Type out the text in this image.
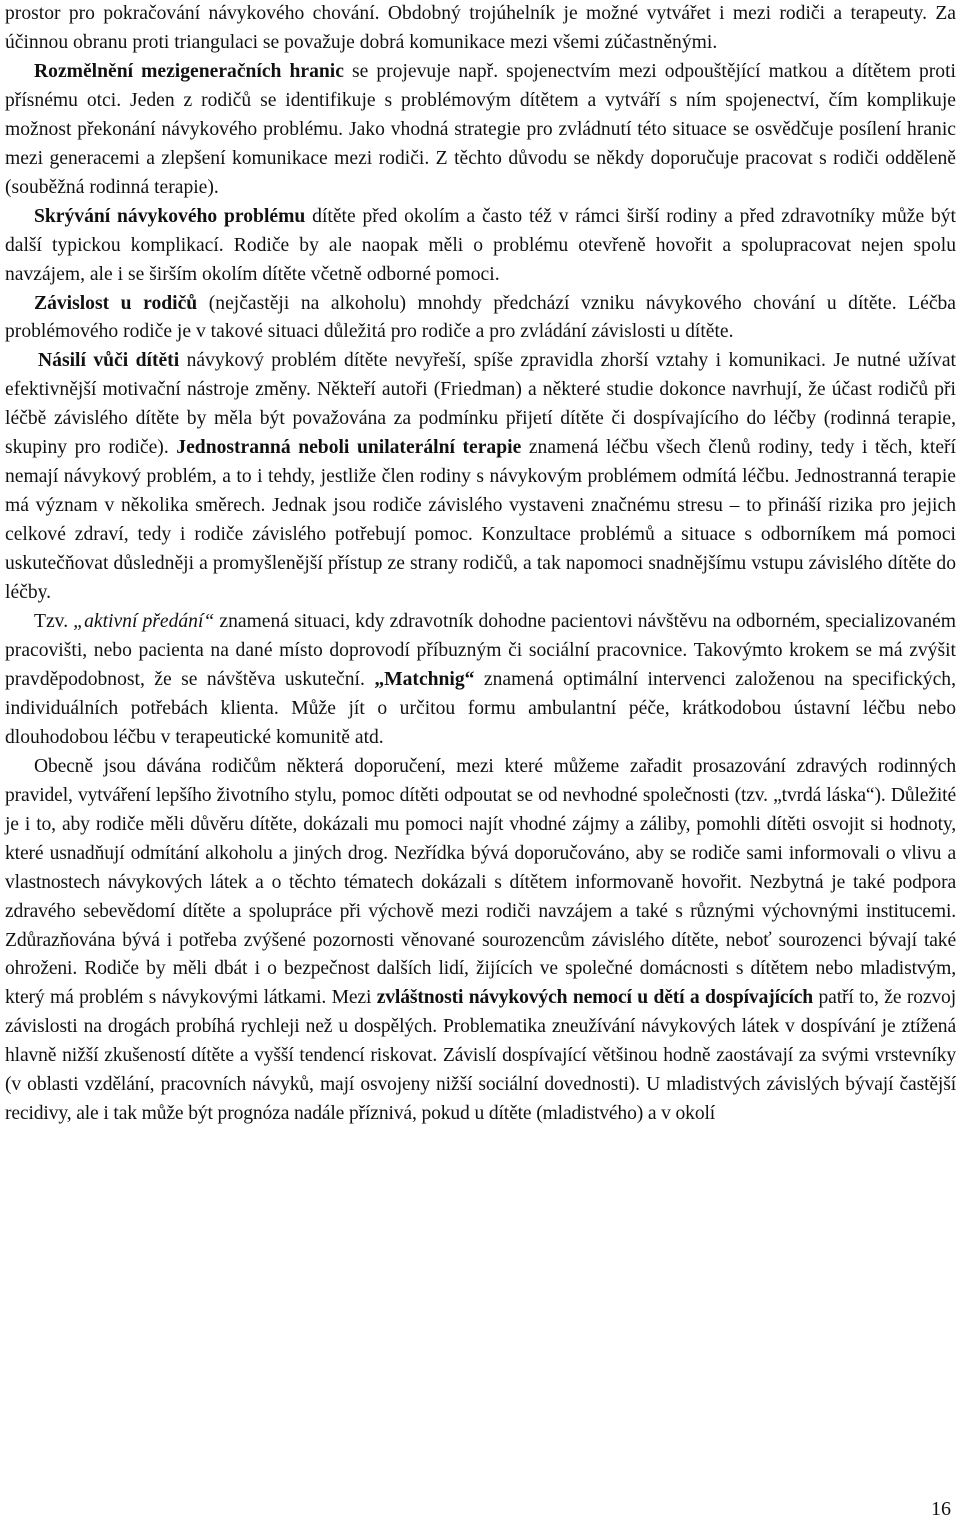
prostor pro pokračování návykového chování. Obdobný trojúhelník je možné vytvářet i mezi rodiči a terapeuty. Za účinnou obranu proti triangulaci se považuje dobrá komunikace mezi všemi zúčastněnými.

Rozmělnění mezigeneračních hranic se projevuje např. spojenectvím mezi odpouštějící matkou a dítětem proti přísnému otci. Jeden z rodičů se identifikuje s problémovým dítětem a vytváří s ním spojenectví, čím komplikuje možnost překonání návykového problému. Jako vhodná strategie pro zvládnutí této situace se osvědčuje posílení hranic mezi generacemi a zlepšení komunikace mezi rodiči. Z těchto důvodu se někdy doporučuje pracovat s rodiči odděleně (souběžná rodinná terapie).

Skrývání návykového problému dítěte před okolím a často též v rámci širší rodiny a před zdravotníky může být další typickou komplikací. Rodiče by ale naopak měli o problému otevřeně hovořit a spolupracovat nejen spolu navzájem, ale i se širším okolím dítěte včetně odborné pomoci.

Závislost u rodičů (nejčastěji na alkoholu) mnohdy předchází vzniku návykového chování u dítěte. Léčba problémového rodiče je v takové situaci důležitá pro rodiče a pro zvládání závislosti u dítěte.

Násilí vůči dítěti návykový problém dítěte nevyřeší, spíše zpravidla zhorší vztahy i komunikaci. Je nutné užívat efektivnější motivační nástroje změny. Někteří autoři (Friedman) a některé studie dokonce navrhují, že účast rodičů při léčbě závislého dítěte by měla být považována za podmínku přijetí dítěte či dospívajícího do léčby (rodinná terapie, skupiny pro rodiče). Jednostranná neboli unilaterální terapie znamená léčbu všech členů rodiny, tedy i těch, kteří nemají návykový problém, a to i tehdy, jestliže člen rodiny s návykovým problémem odmítá léčbu. Jednostranná terapie má význam v několika směrech. Jednak jsou rodiče závislého vystaveni značnému stresu – to přináší rizika pro jejich celkové zdraví, tedy i rodiče závislého potřebují pomoc. Konzultace problémů a situace s odborníkem má pomoci uskutečňovat důsledněji a promyšlenější přístup ze strany rodičů, a tak napomoci snadnějšímu vstupu závislého dítěte do léčby.

Tzv. „aktivní předání“ znamená situaci, kdy zdravotník dohodne pacientovi návštěvu na odborném, specializovaném pracovišti, nebo pacienta na dané místo doprovodí příbuzným či sociální pracovnice. Takovýmto krokem se má zvýšit pravděpodobnost, že se návštěva uskuteční. „Matchnig“ znamená optimální intervenci založenou na specifických, individuálních potřebách klienta. Může jít o určitou formu ambulantní péče, krátkodobou ústavní léčbu nebo dlouhodobou léčbu v terapeutické komunitě atd.

Obecně jsou dávána rodičům některá doporučení, mezi které můžeme zařadit prosazování zdravých rodinných pravidel, vytváření lepšího životního stylu, pomoc dítěti odpoutat se od nevhodné společnosti (tzv. „tvrdá láska“). Důležité je i to, aby rodiče měli důvěru dítěte, dokázali mu pomoci najít vhodné zájmy a záliby, pomohli dítěti osvojit si hodnoty, které usnadňují odmítání alkoholu a jiných drog. Nezřídka bývá doporučováno, aby se rodiče sami informovali o vlivu a vlastnostech návykových látek a o těchto tématech dokázali s dítětem informovaně hovořit. Nezbytná je také podpora zdravého sebevědomí dítěte a spolupráce při výchově mezi rodiči navzájem a také s různými výchovnými institucemi. Zdůrazňována bývá i potřeba zvýšené pozornosti věnované sourozencům závislého dítěte, neboť sourozenci bývají také ohroženi. Rodiče by měli dbát i o bezpečnost dalších lidí, žijících ve společné domácnosti s dítětem nebo mladistvým, který má problém s návykovými látkami. Mezi zvláštnosti návykových nemocí u dětí a dospívajících patří to, že rozvoj závislosti na drogách probíhá rychleji než u dospělých. Problematika zneužívání návykových látek v dospívání je ztížená hlavně nižší zkušeností dítěte a vyšší tendencí riskovat. Závislí dospívající většinou hodně zaostávají za svými vrstevníky (v oblasti vzdělání, pracovních návyků, mají osvojeny nižší sociální dovednosti). U mladistvých závislých bývají častější recidivy, ale i tak může být prognóza nadále příznivá, pokud u dítěte (mladistvého) a v okolí

16
